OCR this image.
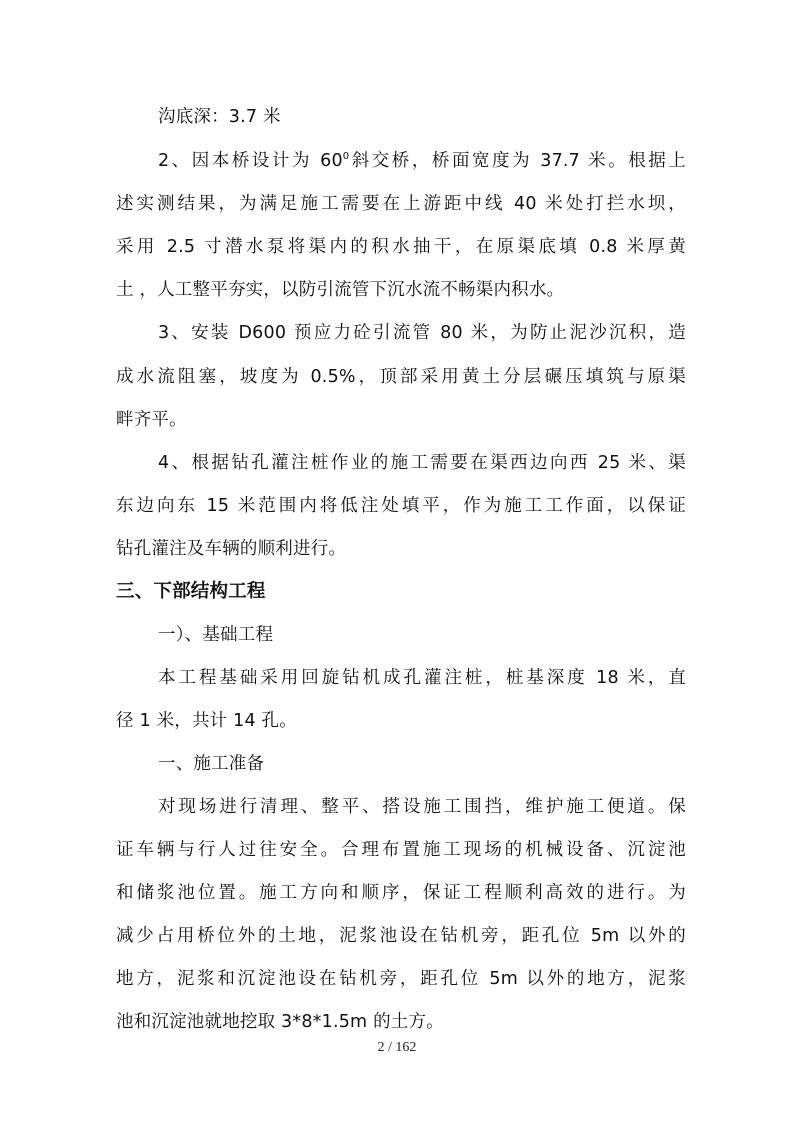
沟底深：3.7 米
2、因本桥设计为 $60^0$斜交桥，桥面宽度为 37.7 米。根据上
述实测结果，为满足施工需要在上游距中线 40 米处打拦水坝，
采用 2.5 寸潜水泵将渠内的积水抽干，在原渠底填 0.8 米厚黄
土 ，人工整平夯实，以防引流管下沉水流不畅渠内积水。
3、安装 D600 预应力砼引流管 80 米，为防止泥沙沉积，造
成水流阻塞，坡度为 0.5%，顶部采用黄土分层碾压填筑与原渠
畔齐平。
4、根据钻孔灌注桩作业的施工需要在渠西边向西 25 米、渠
东边向东 15 米范围内将低注处填平，作为施工工作面，以保证
钻孔灌注及车辆的顺利进行。
三、下部结构工程
一）、基础工程
本工程基础采用回旋钻机成孔灌注桩，桩基深度 18 米，直
径 1 米，共计 14 孔。
一、施工准备
对现场进行清理、整平、搭设施工围挡，维护施工便道。保
证车辆与行人过往安全。合理布置施工现场的机械设备、沉淀池
和储浆池位置。施工方向和顺序，保证工程顺利高效的进行。为
减少占用桥位外的土地，泥浆池设在钻机旁，距孔位 5m 以外的
地方，泥浆和沉淀池设在钻机旁，距孔位 5m 以外的地方，泥浆
池和沉淀池就地挖取 3*8*1.5m 的土方。
2 / 162
